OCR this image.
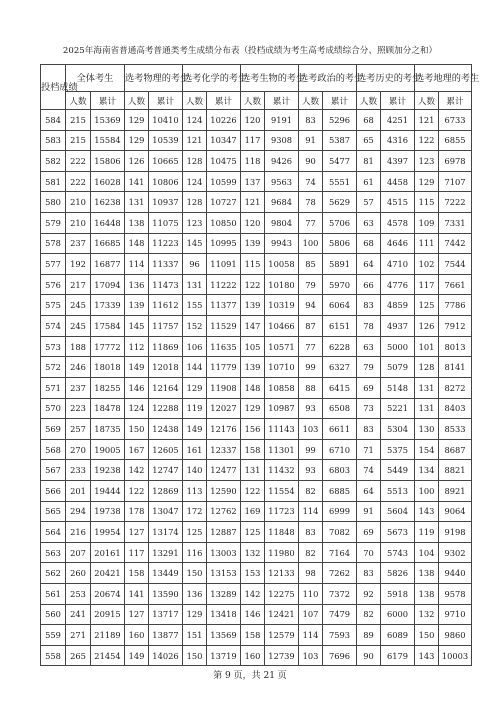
2025年海南省普通高考普通类考生成绩分布表（投档成绩为考生高考成绩综合分、照顾加分之和）
投档成绩	全体考生		选考物理的考生		选考化学的考生		选考生物的考生		选考政治的考生		选考历史的考生		选考地理的考生	
	人数	累计	人数	累计	人数	累计	人数	累计	人数	累计	人数	累计	人数	累计
584	215	15369	129	10410	124	10226	120	9191	83	5296	68	4251	121	6733
583	215	15584	129	10539	121	10347	117	9308	91	5387	65	4316	122	6855
582	222	15806	126	10665	128	10475	118	9426	90	5477	81	4397	123	6978
581	222	16028	141	10806	124	10599	137	9563	74	5551	61	4458	129	7107
580	210	16238	131	10937	128	10727	121	9684	78	5629	57	4515	115	7222
579	210	16448	138	11075	123	10850	120	9804	77	5706	63	4578	109	7331
578	237	16685	148	11223	145	10995	139	9943	100	5806	68	4646	111	7442
577	192	16877	114	11337	96	11091	115	10058	85	5891	64	4710	102	7544
576	217	17094	136	11473	131	11222	122	10180	79	5970	66	4776	117	7661
575	245	17339	139	11612	155	11377	139	10319	94	6064	83	4859	125	7786
574	245	17584	145	11757	152	11529	147	10466	87	6151	78	4937	126	7912
573	188	17772	112	11869	106	11635	105	10571	77	6228	63	5000	101	8013
572	246	18018	149	12018	144	11779	139	10710	99	6327	79	5079	128	8141
571	237	18255	146	12164	129	11908	148	10858	88	6415	69	5148	131	8272
570	223	18478	124	12288	119	12027	129	10987	93	6508	73	5221	131	8403
569	257	18735	150	12438	149	12176	156	11143	103	6611	83	5304	130	8533
568	270	19005	167	12605	161	12337	158	11301	99	6710	71	5375	154	8687
567	233	19238	142	12747	140	12477	131	11432	93	6803	74	5449	134	8821
566	201	19444	122	12869	113	12590	122	11554	82	6885	64	5513	100	8921
565	294	19738	178	13047	172	12762	169	11723	114	6999	91	5604	143	9064
564	216	19954	127	13174	125	12887	125	11848	83	7082	69	5673	119	9198
563	207	20161	117	13291	116	13003	132	11980	82	7164	70	5743	104	9302
562	260	20421	158	13449	150	13153	153	12133	98	7262	83	5826	138	9440
561	253	20674	141	13590	136	13289	142	12275	110	7372	92	5918	138	9578
560	241	20915	127	13717	129	13418	146	12421	107	7479	82	6000	132	9710
559	271	21189	160	13877	151	13569	158	12579	114	7593	89	6089	150	9860
558	265	21454	149	14026	150	13719	160	12739	103	7696	90	6179	143	10003
第 9 页，共 21 页
